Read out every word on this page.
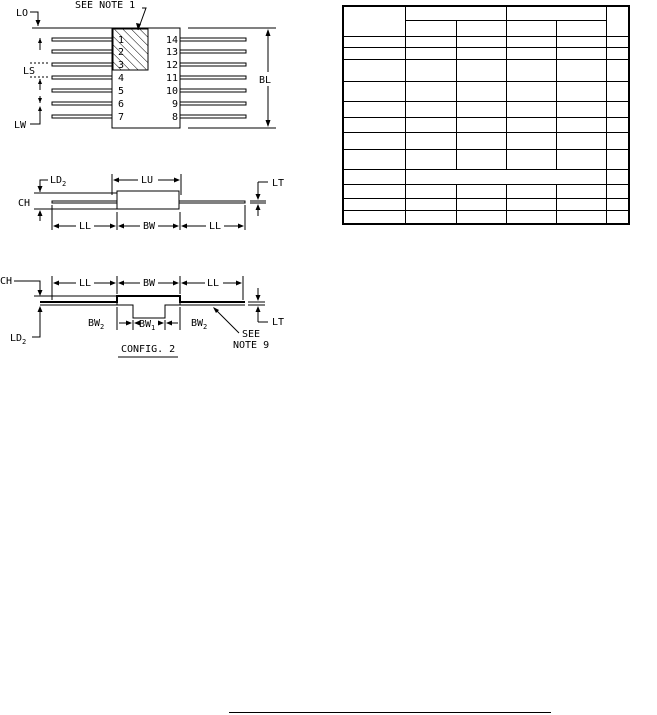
1
2
3
4
5
6
7
14
13
12
11
10
9
8
SEE NOTE 1
LO
LS
LW
BL
$LD_2$	LU
CH
LT
LL	BW	LL
CH
$LD_2$
LL	BW	LL
$BW_2$	$BW_1$	$BW_2$	LT
SEE
NOTE 9
CONFIG. 2
